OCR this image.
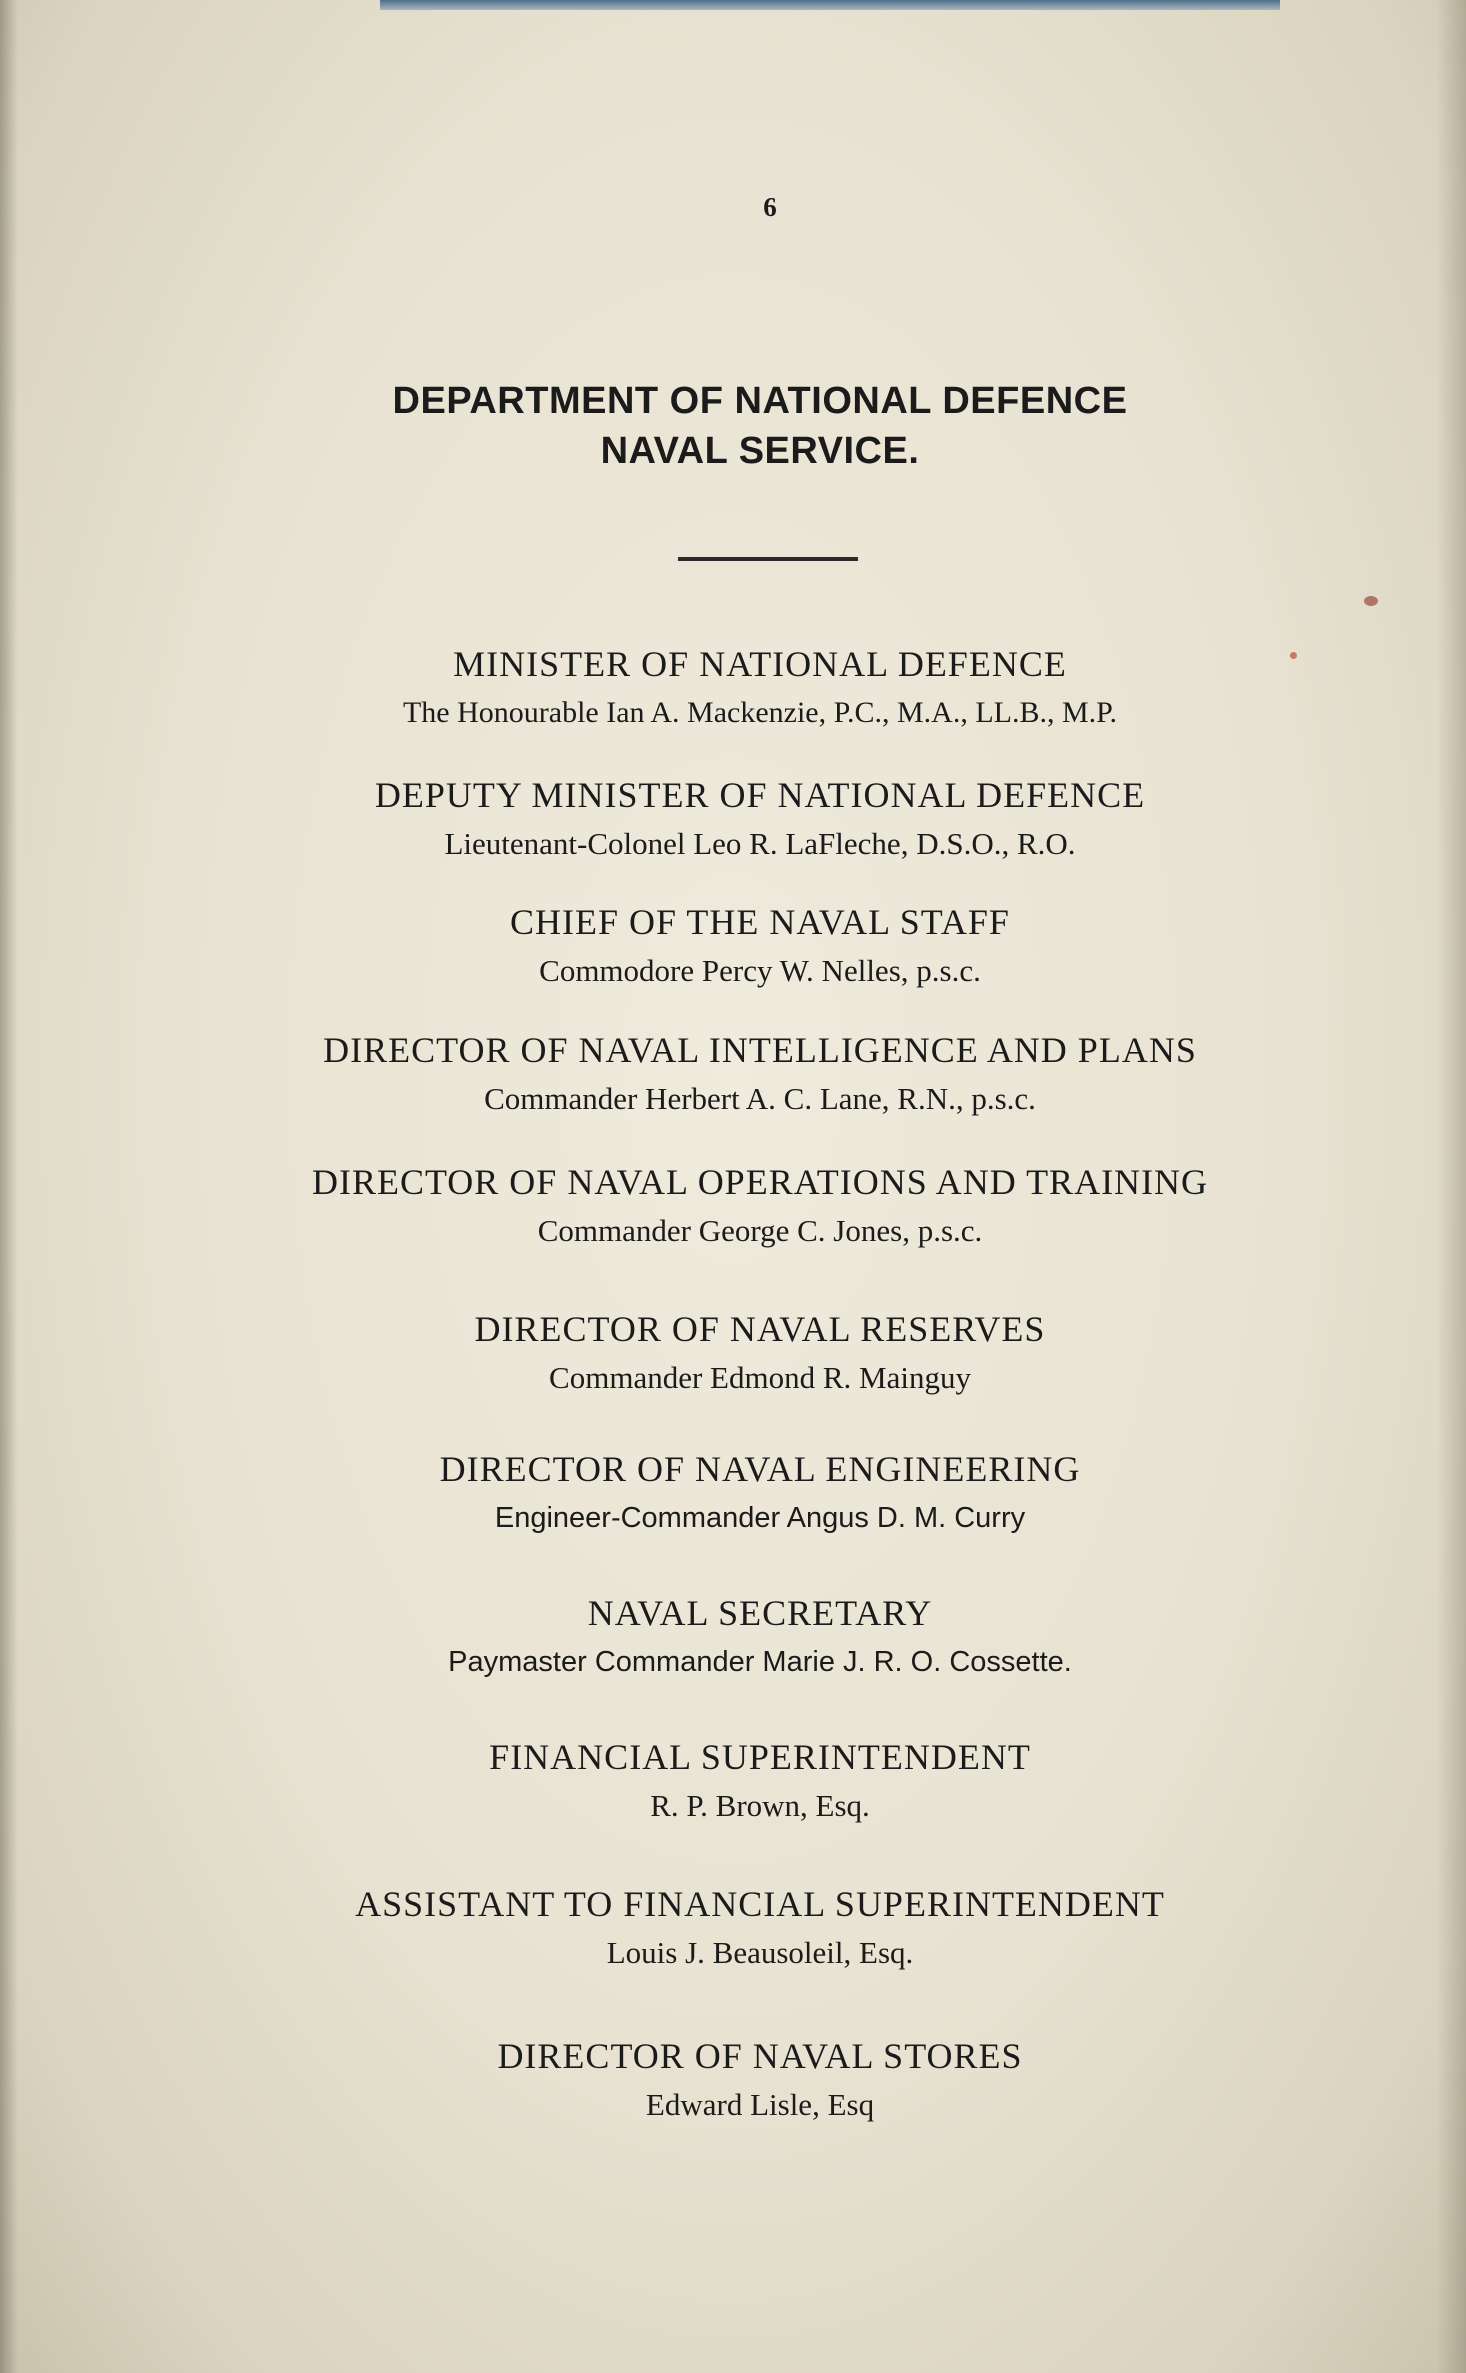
6
DEPARTMENT OF NATIONAL DEFENCE
NAVAL SERVICE.
MINISTER OF NATIONAL DEFENCE
The Honourable Ian A. Mackenzie, P.C., M.A., LL.B., M.P.
DEPUTY MINISTER OF NATIONAL DEFENCE
Lieutenant-Colonel Leo R. LaFleche, D.S.O., R.O.
CHIEF OF THE NAVAL STAFF
Commodore Percy W. Nelles, p.s.c.
DIRECTOR OF NAVAL INTELLIGENCE AND PLANS
Commander Herbert A. C. Lane, R.N., p.s.c.
DIRECTOR OF NAVAL OPERATIONS AND TRAINING
Commander George C. Jones, p.s.c.
DIRECTOR OF NAVAL RESERVES
Commander Edmond R. Mainguy
DIRECTOR OF NAVAL ENGINEERING
Engineer-Commander Angus D. M. Curry
NAVAL SECRETARY
Paymaster Commander Marie J. R. O. Cossette.
FINANCIAL SUPERINTENDENT
R. P. Brown, Esq.
ASSISTANT TO FINANCIAL SUPERINTENDENT
Louis J. Beausoleil, Esq.
DIRECTOR OF NAVAL STORES
Edward Lisle, Esq
